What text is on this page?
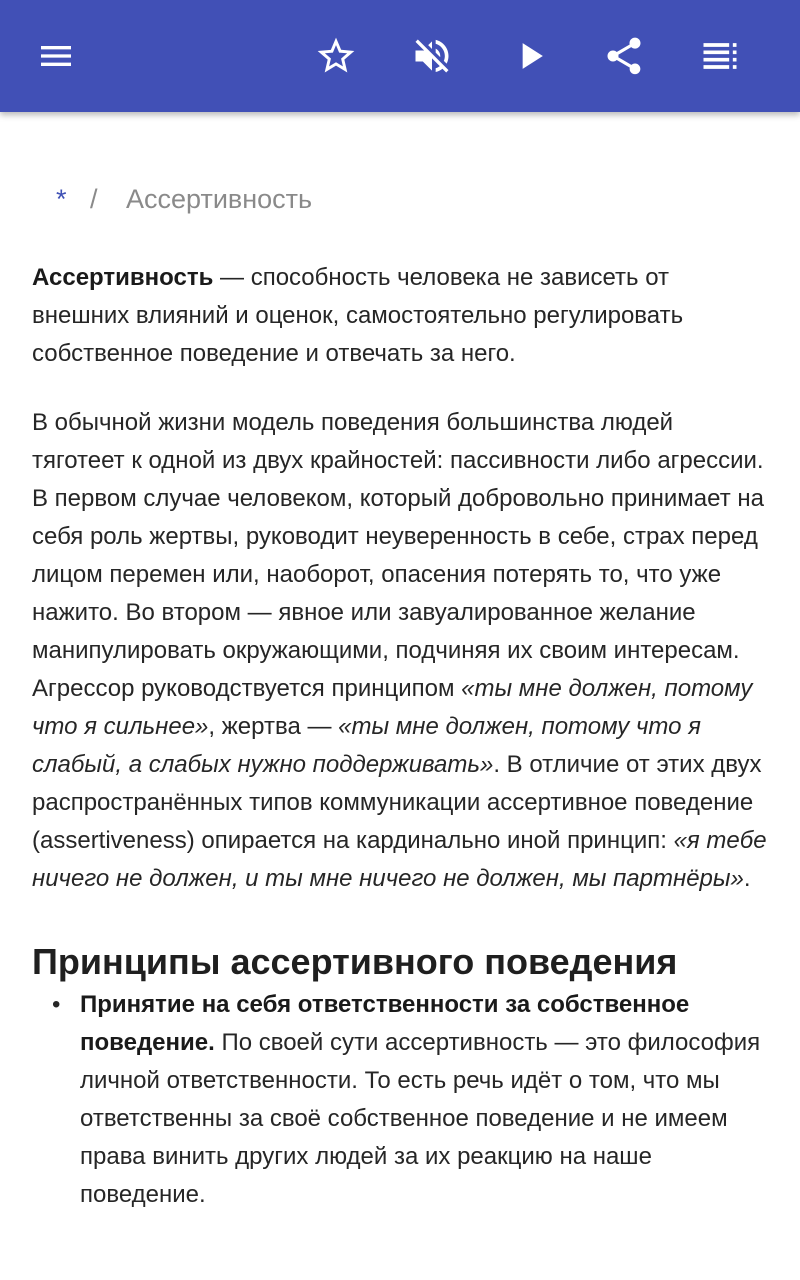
* /	Ассертивность

Ассертивность — способность человека не зависеть от внешних влияний и оценок, самостоятельно регулировать собственное поведение и отвечать за него.

В обычной жизни модель поведения большинства людей тяготеет к одной из двух крайностей: пассивности либо агрессии. В первом случае человеком, который добровольно принимает на себя роль жертвы, руководит неуверенность в себе, страх перед лицом перемен или, наоборот, опасения потерять то, что уже нажито. Во втором — явное или завуалированное желание манипулировать окружающими, подчиняя их своим интересам. Агрессор руководствуется принципом «ты мне должен, потому что я сильнее», жертва — «ты мне должен, потому что я слабый, а слабых нужно поддерживать». В отличие от этих двух распространённых типов коммуникации ассертивное поведение (assertiveness) опирается на кардинально иной принцип: «я тебе ничего не должен, и ты мне ничего не должен, мы партнёры».

Принципы ассертивного поведения
• Принятие на себя ответственности за собственное поведение. По своей сути ассертивность — это философия личной ответственности. То есть речь идёт о том, что мы ответственны за своё собственное поведение и не имеем права винить других людей за их реакцию на наше поведение.
